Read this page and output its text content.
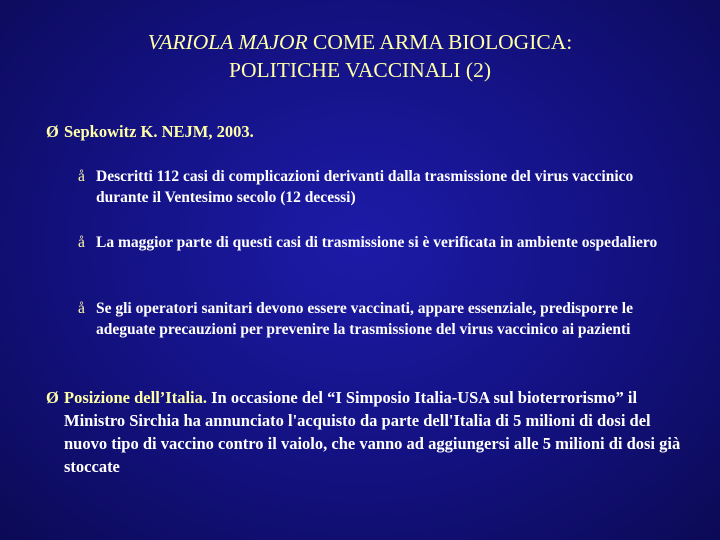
VARIOLA MAJOR COME ARMA BIOLOGICA:
POLITICHE VACCINALI (2)
Ø Sepkowitz K. NEJM, 2003.
å Descritti 112 casi di complicazioni derivanti dalla trasmissione del virus vaccinico durante il Ventesimo secolo (12 decessi)
å La maggior parte di questi casi di trasmissione si è verificata in ambiente ospedaliero
å Se gli operatori sanitari devono essere vaccinati, appare essenziale, predisporre le adeguate precauzioni per prevenire la trasmissione del virus vaccinico ai pazienti
Ø Posizione dell’Italia. In occasione del “I Simposio Italia-USA sul bioterrorismo” il Ministro Sirchia ha annunciato l'acquisto da parte dell'Italia di 5 milioni di dosi del nuovo tipo di vaccino contro il vaiolo, che vanno ad aggiungersi alle 5 milioni di dosi già stoccate
